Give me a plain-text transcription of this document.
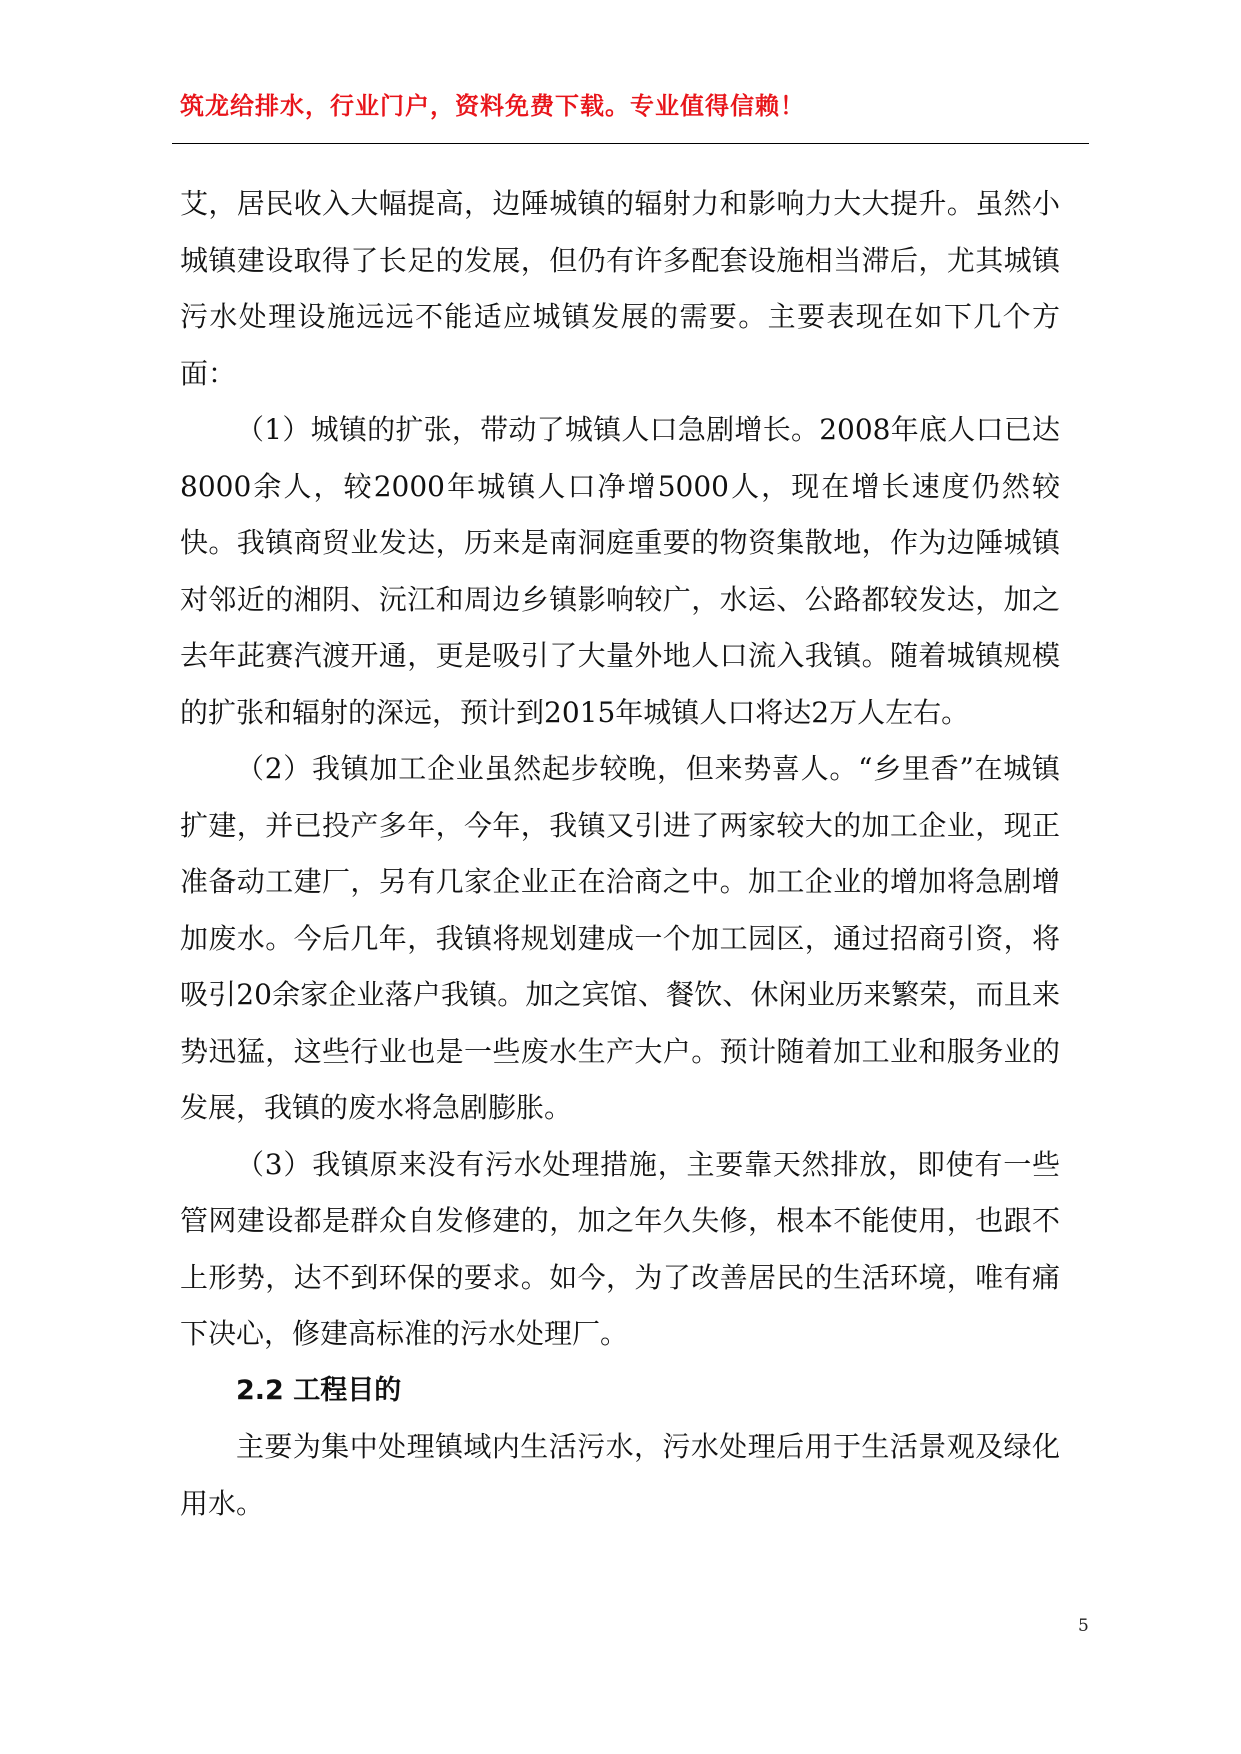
筑龙给排水，行业门户，资料免费下载。专业值得信赖！

艾，居民收入大幅提高，边陲城镇的辐射力和影响力大大提升。虽然小城镇建设取得了长足的发展，但仍有许多配套设施相当滞后，尤其城镇污水处理设施远远不能适应城镇发展的需要。主要表现在如下几个方面：

（1）城镇的扩张，带动了城镇人口急剧增长。2008年底人口已达8000余人，较2000年城镇人口净增5000人，现在增长速度仍然较快。我镇商贸业发达，历来是南洞庭重要的物资集散地，作为边陲城镇对邻近的湘阴、沅江和周边乡镇影响较广，水运、公路都较发达，加之去年茈赛汽渡开通，更是吸引了大量外地人口流入我镇。随着城镇规模的扩张和辐射的深远，预计到2015年城镇人口将达2万人左右。

（2）我镇加工企业虽然起步较晚，但来势喜人。“乡里香”在城镇扩建，并已投产多年，今年，我镇又引进了两家较大的加工企业，现正准备动工建厂，另有几家企业正在洽商之中。加工企业的增加将急剧增加废水。今后几年，我镇将规划建成一个加工园区，通过招商引资，将吸引20余家企业落户我镇。加之宾馆、餐饮、休闲业历来繁荣，而且来势迅猛，这些行业也是一些废水生产大户。预计随着加工业和服务业的发展，我镇的废水将急剧膨胀。

（3）我镇原来没有污水处理措施，主要靠天然排放，即使有一些管网建设都是群众自发修建的，加之年久失修，根本不能使用，也跟不上形势，达不到环保的要求。如今，为了改善居民的生活环境，唯有痛下决心，修建高标准的污水处理厂。

2.2 工程目的

主要为集中处理镇域内生活污水，污水处理后用于生活景观及绿化用水。

5
